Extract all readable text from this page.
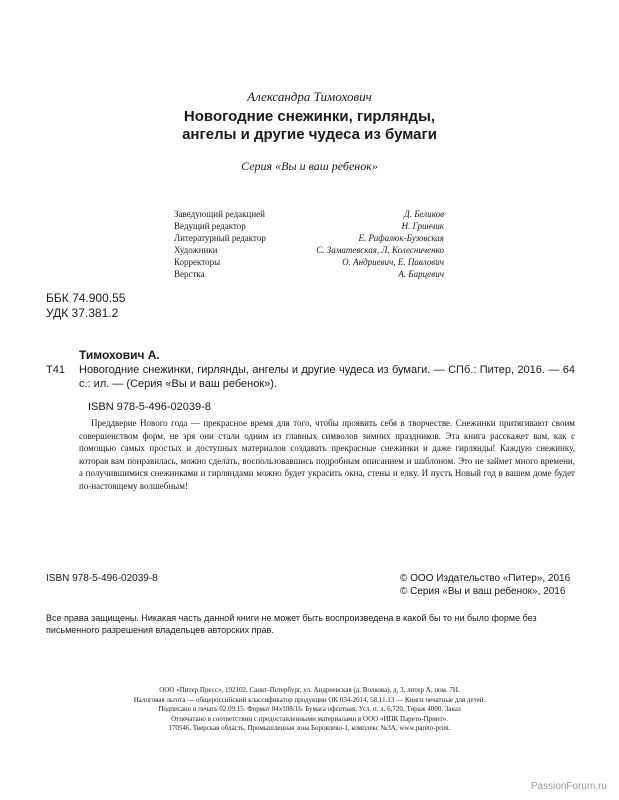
Александра Тимохович
Новогодние снежинки, гирлянды,
ангелы и другие чудеса из бумаги
Серия «Вы и ваш ребенок»
Заведующий редакцией	Д. Беликов
Ведущий редактор	Н. Гринчик
Литературный редактор	Е. Рафалюк-Бузовская
Художники	С. Заматевская, Л. Колесниченко
Корректоры	О. Андриевич, Е. Павлович
Верстка	А. Барцевич
ББК 74.900.55
УДК 37.381.2
Тимохович А.
Т41 Новогодние снежинки, гирлянды, ангелы и другие чудеса из бумаги. — СПб.: Питер, 2016. — 64 с.: ил. — (Серия «Вы и ваш ребенок»).
ISBN 978-5-496-02039-8
Преддверие Нового года — прекрасное время для того, чтобы проявить себя в творчестве. Снежинки притягивают своим совершенством форм, не зря они стали одним из главных символов зимних праздников. Эта книга расскажет вам, как с помощью самых простых и доступных материалов создавать прекрасные снежинки и даже гирлянды! Каждую снежинку, которая вам понравилась, можно сделать, воспользовавшись подробным описанием и шаблоном. Это не займет много времени, а получившимися снежинками и гирляндами можно будет украсить окна, стены и елку. И пусть Новый год в вашем доме будет по-настоящему волшебным!
ISBN 978-5-496-02039-8	© ООО Издательство «Питер», 2016
© Серия «Вы и ваш ребенок», 2016
Все права защищены. Никакая часть данной книги не может быть воспроизведена в какой бы то ни было форме без письменного разрешения владельцев авторских прав.
ООО «Питер Пресс», 192102, Санкт-Петербург, ул. Андреевская (д. Волкова), д. 3, литер А, пом. 7Н.
Налоговая льгота — общероссийский классификатор продукции ОК 034-2014, 58.11.13 — Книги печатные для детей.
Подписано в печать 02.09.15. Формат 84х108/16. Бумага офсетная. Усл. п. л. 6,720. Тираж 4000. Заказ
Отпечатано в соответствии с предоставленными материалами в ООО «ИПК Парето-Принт».
170546, Тверская область, Промышленная зона Боровлево-1, комплекс №3А, www.pareto-print.
PassionForum.ru
